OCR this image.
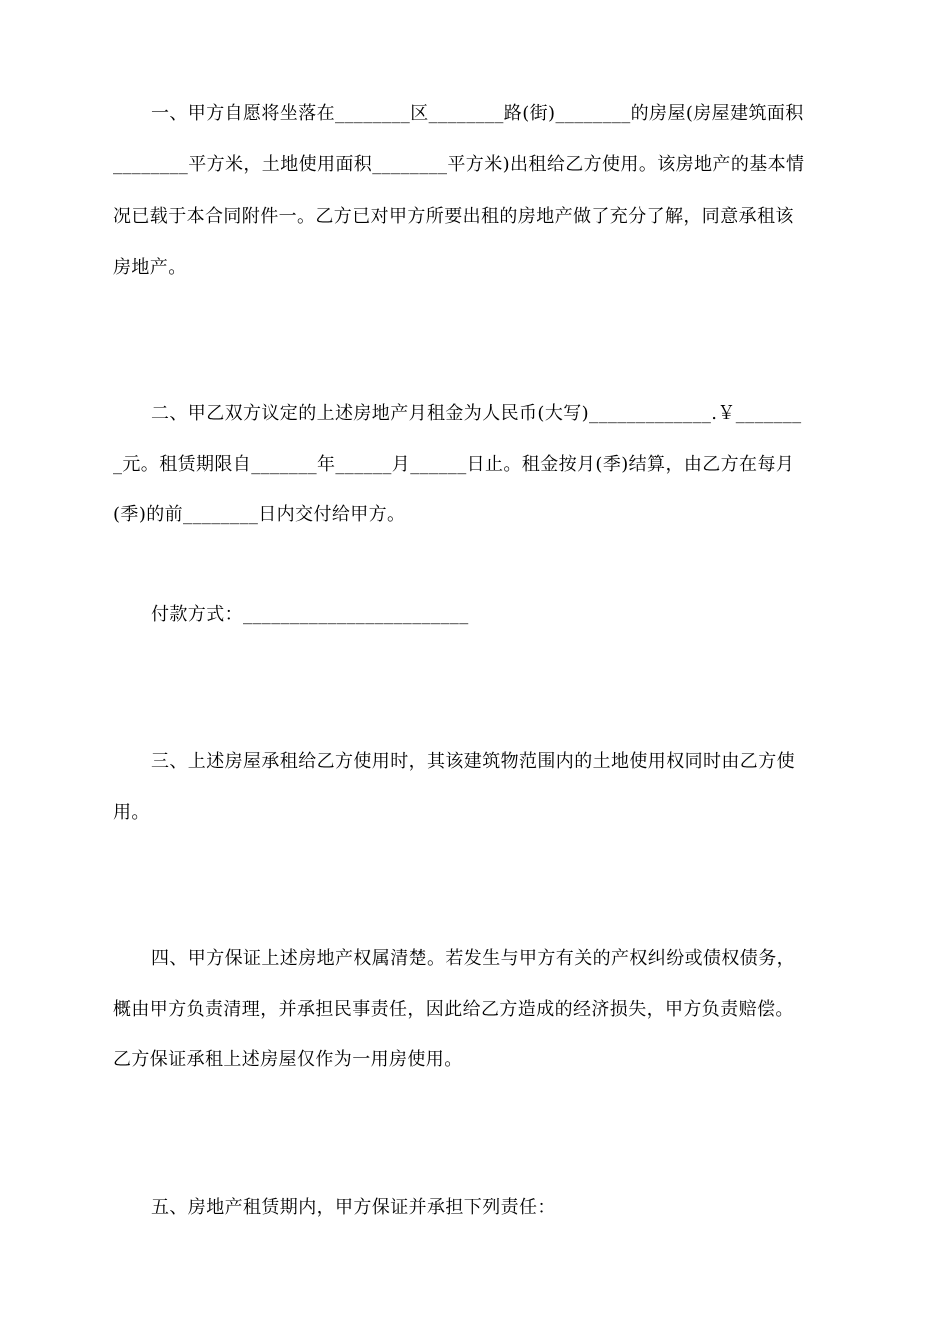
一、甲方自愿将坐落在________区________路(街)________的房屋(房屋建筑面积
________平方米，土地使用面积________平方米)出租给乙方使用。该房地产的基本情
况已载于本合同附件一。乙方已对甲方所要出租的房地产做了充分了解，同意承租该
房地产。
二、甲乙双方议定的上述房地产月租金为人民币(大写)_____________.￥_______
_元。租赁期限自_______年______月______日止。租金按月(季)结算，由乙方在每月
(季)的前________日内交付给甲方。
付款方式：________________________
三、上述房屋承租给乙方使用时，其该建筑物范围内的土地使用权同时由乙方使
用。
四、甲方保证上述房地产权属清楚。若发生与甲方有关的产权纠纷或债权债务，
概由甲方负责清理，并承担民事责任，因此给乙方造成的经济损失，甲方负责赔偿。
乙方保证承租上述房屋仅作为一用房使用。
五、房地产租赁期内，甲方保证并承担下列责任：
